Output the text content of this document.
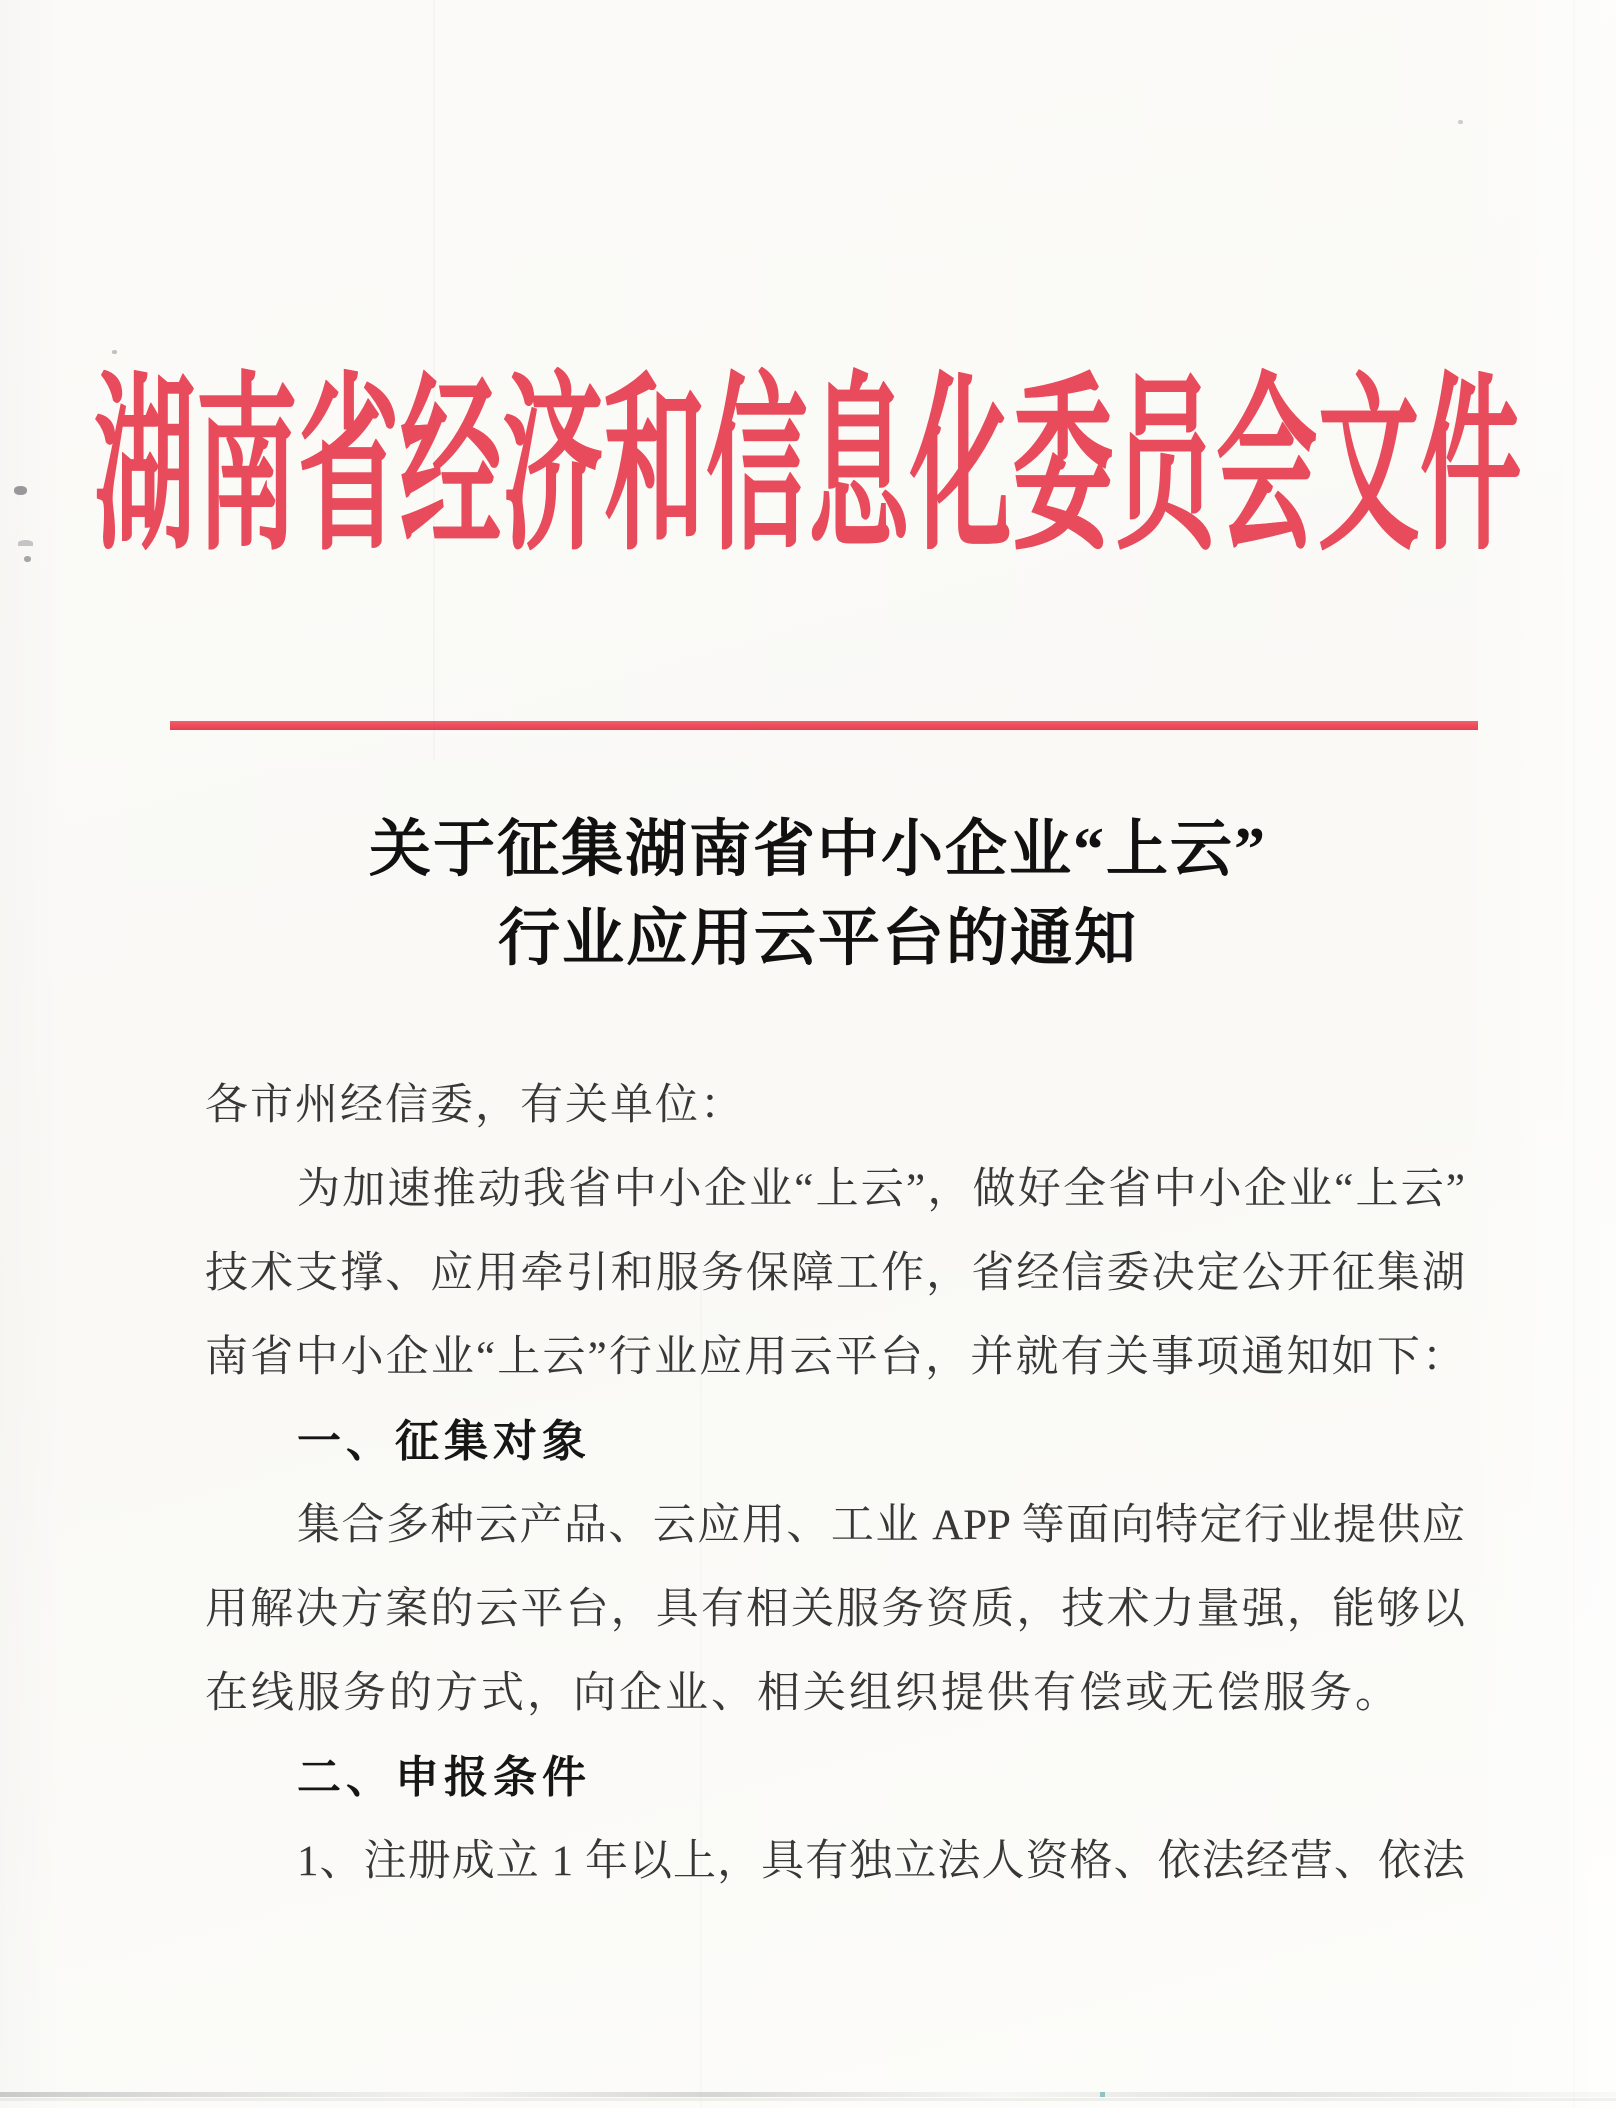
湖南省经济和信息化委员会文件
关于征集湖南省中小企业“上云”
行业应用云平台的通知
各市州经信委，有关单位：
为加速推动我省中小企业“上云”，做好全省中小企业“上云”
技术支撑、应用牵引和服务保障工作，省经信委决定公开征集湖
南省中小企业“上云”行业应用云平台，并就有关事项通知如下：
一、征集对象
集合多种云产品、云应用、工业 APP 等面向特定行业提供应
用解决方案的云平台，具有相关服务资质，技术力量强，能够以
在线服务的方式，向企业、相关组织提供有偿或无偿服务。
二、申报条件
1、注册成立 1 年以上，具有独立法人资格、依法经营、依法
